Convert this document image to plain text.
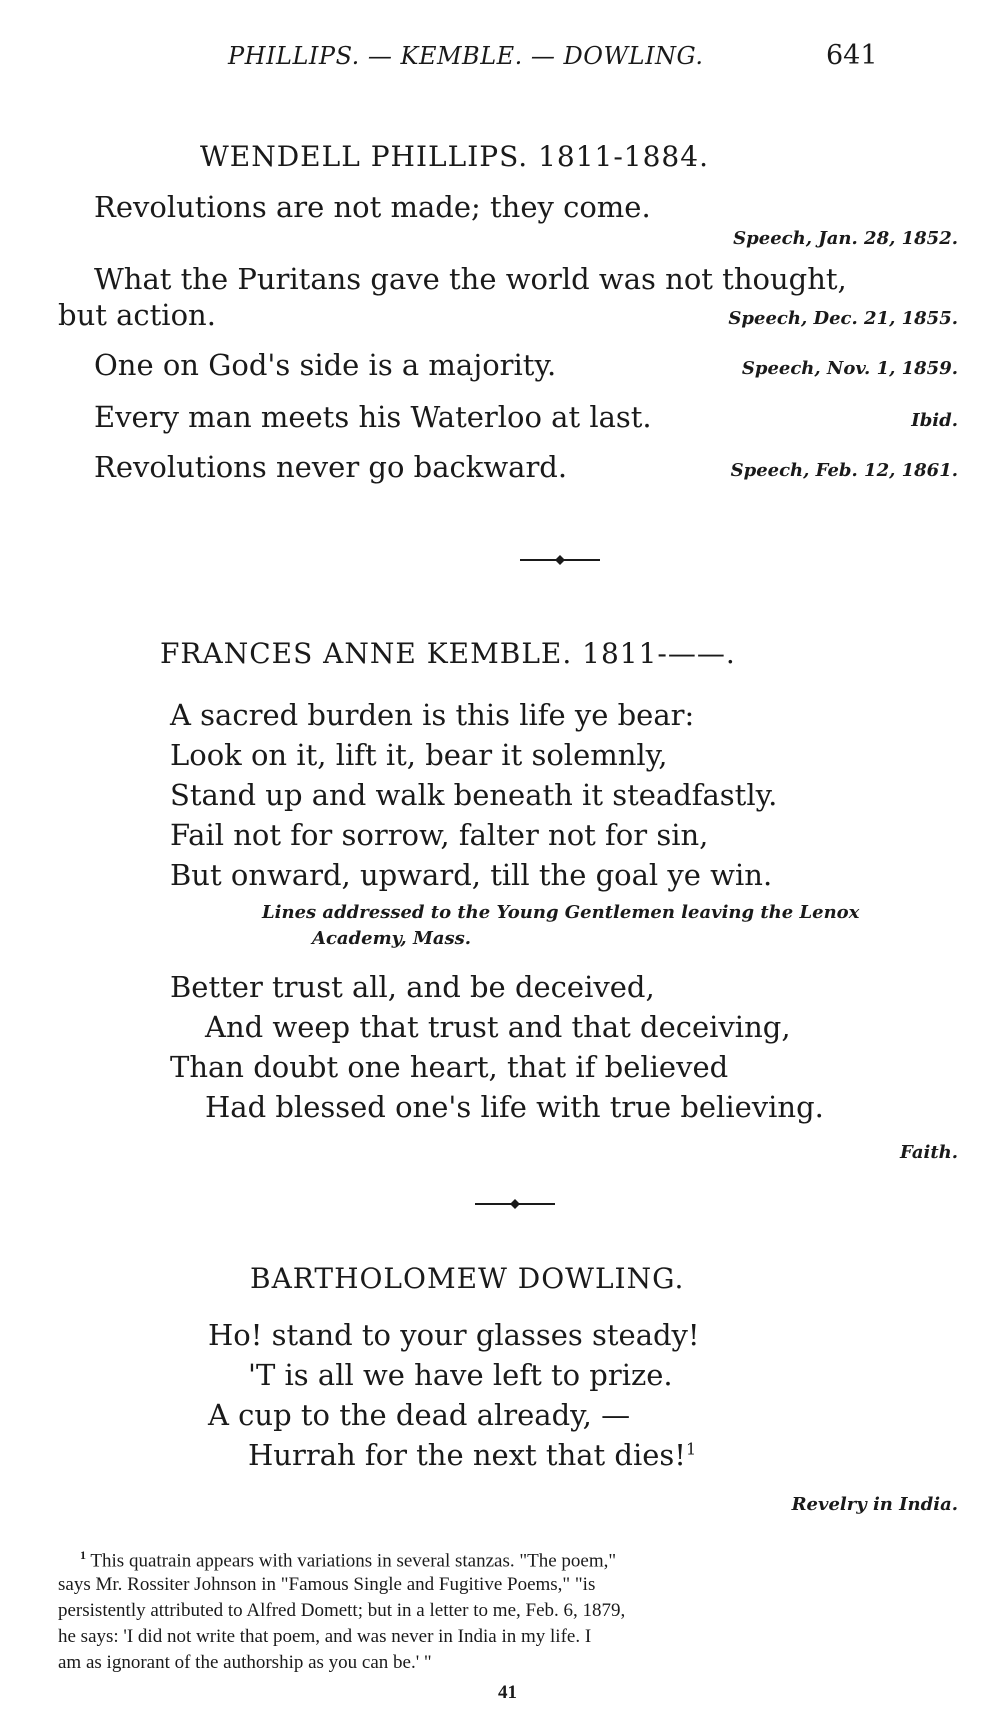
PHILLIPS. — KEMBLE. — DOWLING.	641
WENDELL PHILLIPS. 1811-1884.
Revolutions are not made; they come.
Speech, Jan. 28, 1852.
What the Puritans gave the world was not thought,
but action.	Speech, Dec. 21, 1855.
One on God's side is a majority.	Speech, Nov. 1, 1859.
Every man meets his Waterloo at last.	Ibid.
Revolutions never go backward.	Speech, Feb. 12, 1861.
FRANCES ANNE KEMBLE. 1811-——.
A sacred burden is this life ye bear:
Look on it, lift it, bear it solemnly,
Stand up and walk beneath it steadfastly.
Fail not for sorrow, falter not for sin,
But onward, upward, till the goal ye win.
Lines addressed to the Young Gentlemen leaving the Lenox
Academy, Mass.
Better trust all, and be deceived,
And weep that trust and that deceiving,
Than doubt one heart, that if believed
Had blessed one's life with true believing.
Faith.
BARTHOLOMEW DOWLING.
Ho! stand to your glasses steady!
'T is all we have left to prize.
A cup to the dead already, —
Hurrah for the next that dies!$^1$
Revelry in India.
$^1$ This quatrain appears with variations in several stanzas. "The poem,"
says Mr. Rossiter Johnson in "Famous Single and Fugitive Poems," "is
persistently attributed to Alfred Domett; but in a letter to me, Feb. 6, 1879,
he says: 'I did not write that poem, and was never in India in my life. I
am as ignorant of the authorship as you can be.' "
41
